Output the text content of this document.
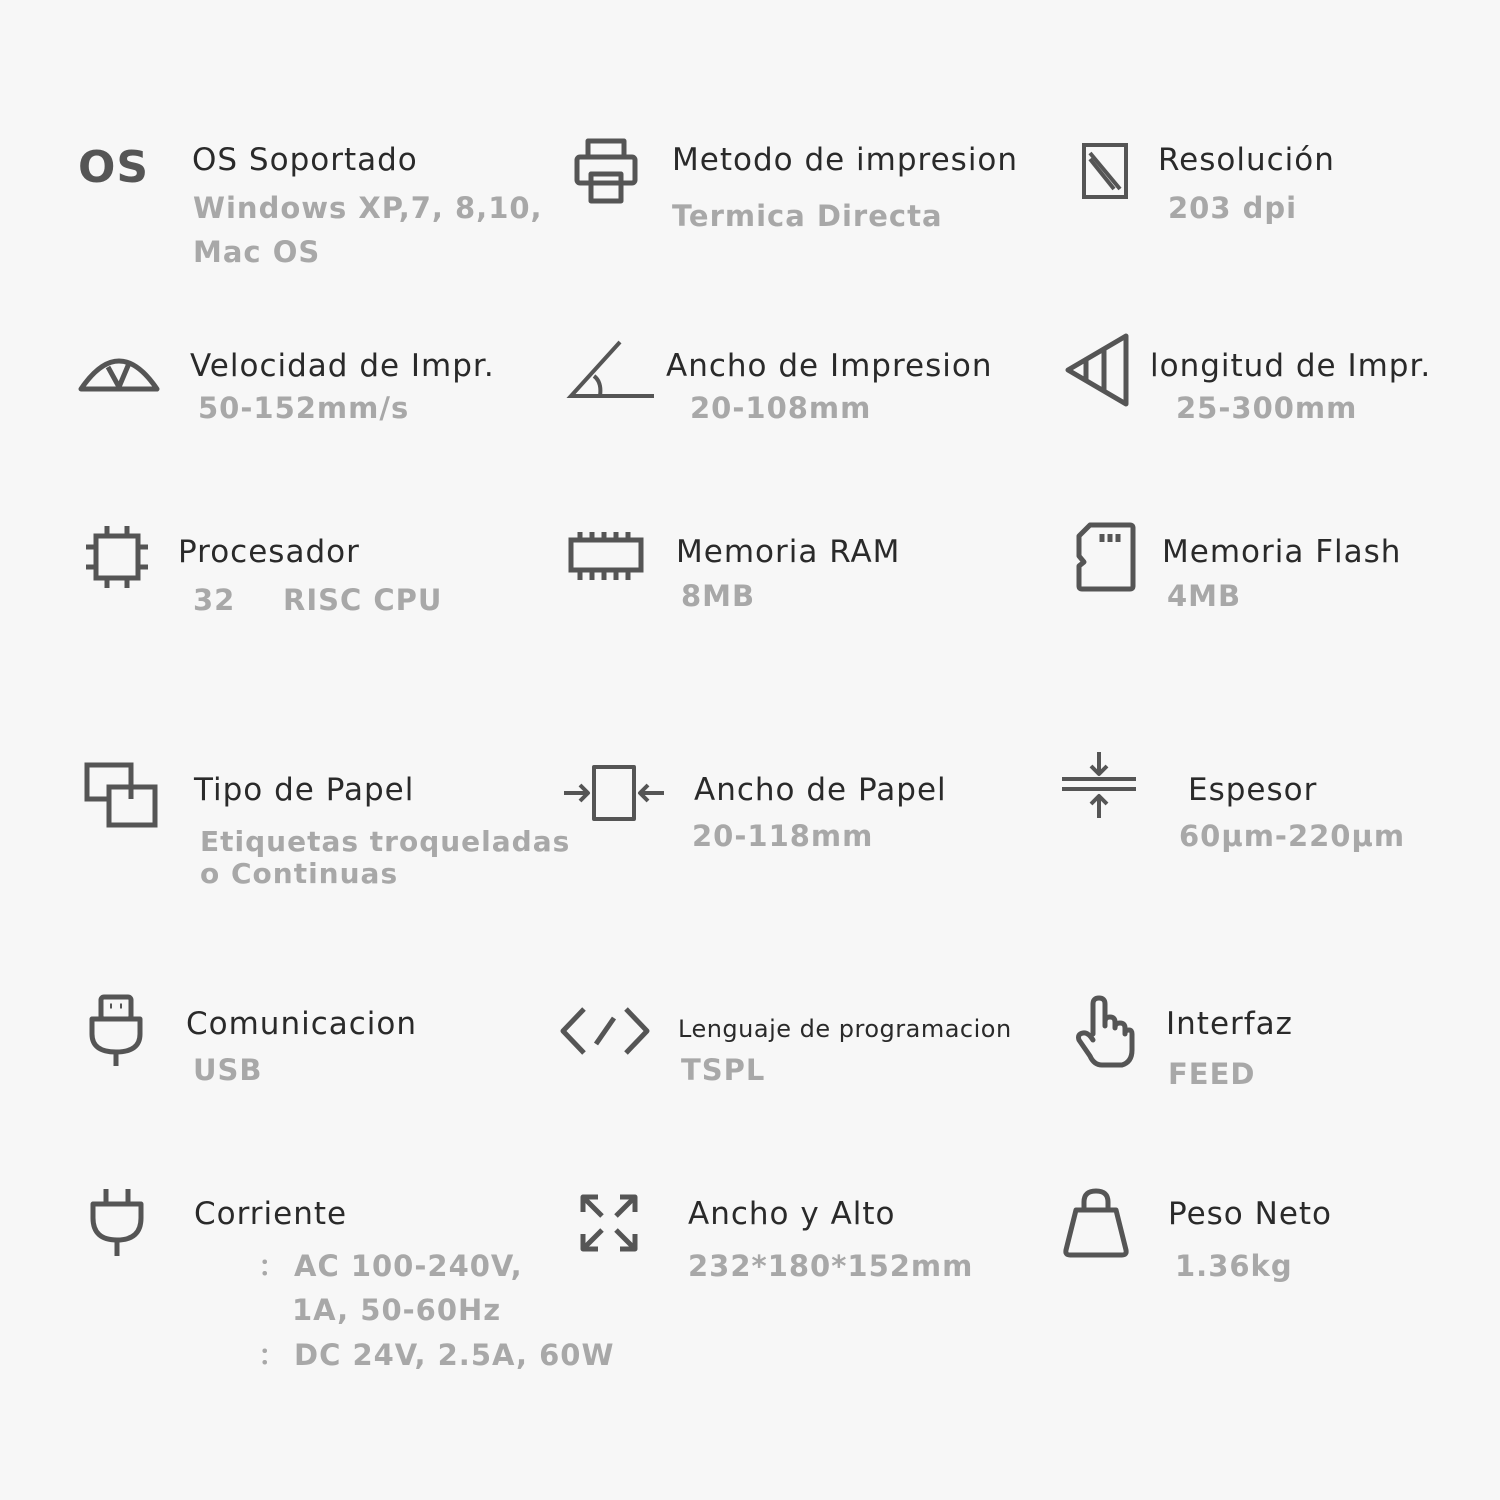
OS OS Soportado
Windows XP,7, 8,10,
Mac OS
Metodo de impresion
Termica Directa
Resolución
203 dpi
Velocidad de Impr.
50-152mm/s
Ancho de Impresion
20-108mm
longitud de Impr.
25-300mm
Procesador
32 RISC CPU
Memoria RAM
8MB
Memoria Flash
4MB
Tipo de Papel
Etiquetas troqueladas
o Continuas
Ancho de Papel
20-118mm
Espesor
60μm-220μm
Comunicacion
USB
Lenguaje de programacion
TSPL
Interfaz
FEED
Corriente
： AC 100-240V,
1A, 50-60Hz
： DC 24V, 2.5A, 60W
Ancho y Alto
232*180*152mm
Peso Neto
1.36kg
